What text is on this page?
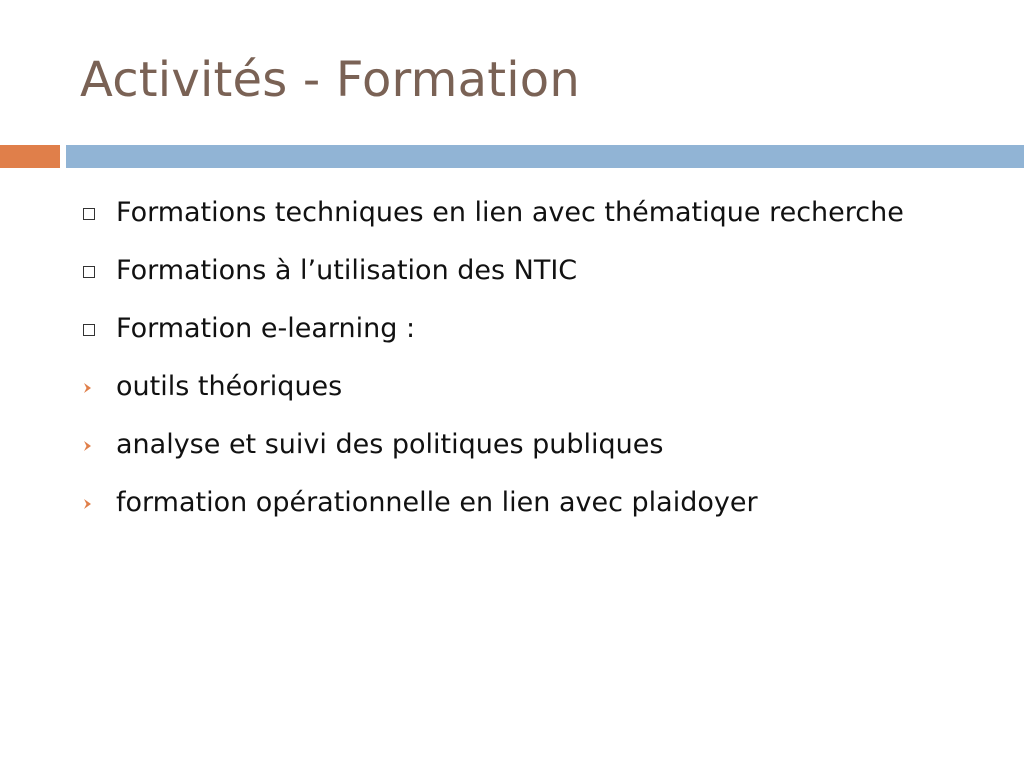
Activités - Formation
Formations techniques en lien avec thématique recherche
Formations à l’utilisation des NTIC
Formation e-learning :
outils théoriques
analyse et suivi des politiques publiques
formation opérationnelle en lien avec plaidoyer
